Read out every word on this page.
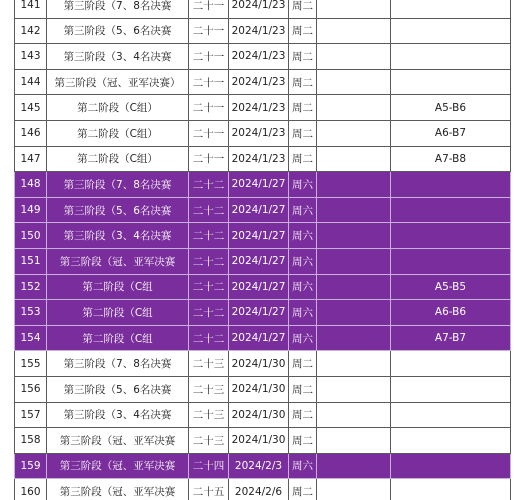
141	第三阶段（7、8名决赛	二十一	2024/1/23	周二		
142	第三阶段（5、6名决赛	二十一	2024/1/23	周二		
143	第三阶段（3、4名决赛	二十一	2024/1/23	周二		
144	第三阶段（冠、亚军决赛）	二十一	2024/1/23	周二		
145	第二阶段（C组）	二十一	2024/1/23	周二		A5-B6
146	第二阶段（C组）	二十一	2024/1/23	周二		A6-B7
147	第二阶段（C组）	二十一	2024/1/23	周二		A7-B8
148	第三阶段（7、8名决赛	二十二	2024/1/27	周六		
149	第三阶段（5、6名决赛	二十二	2024/1/27	周六		
150	第三阶段（3、4名决赛	二十二	2024/1/27	周六		
151	第三阶段（冠、亚军决赛	二十二	2024/1/27	周六		
152	第二阶段（C组	二十二	2024/1/27	周六		A5-B5
153	第二阶段（C组	二十二	2024/1/27	周六		A6-B6
154	第二阶段（C组	二十二	2024/1/27	周六		A7-B7
155	第三阶段（7、8名决赛	二十三	2024/1/30	周二		
156	第三阶段（5、6名决赛	二十三	2024/1/30	周二		
157	第三阶段（3、4名决赛	二十三	2024/1/30	周二		
158	第三阶段（冠、亚军决赛	二十三	2024/1/30	周二		
159	第三阶段（冠、亚军决赛	二十四	2024/2/3	周六		
160	第三阶段（冠、亚军决赛	二十五	2024/2/6	周二		
